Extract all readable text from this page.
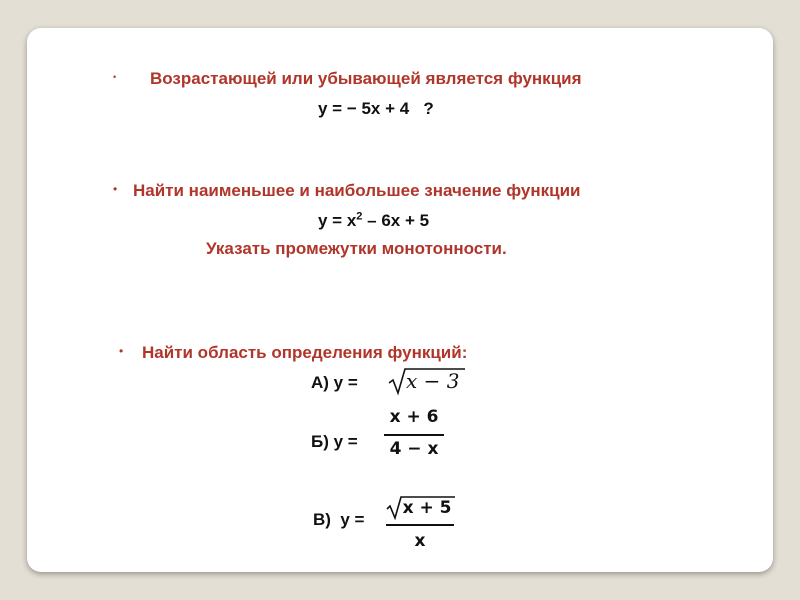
• Возрастающей или убывающей является функция
у = − 5х + 4   ?
• Найти наименьшее и наибольшее значение функции
$у = х^2 - 6х + 5$
Указать промежутки монотонности.
• Найти область определения функций:
А) у = x − 3
Б) у =
x + 6
4 − x
В)  у =
x + 5
x
